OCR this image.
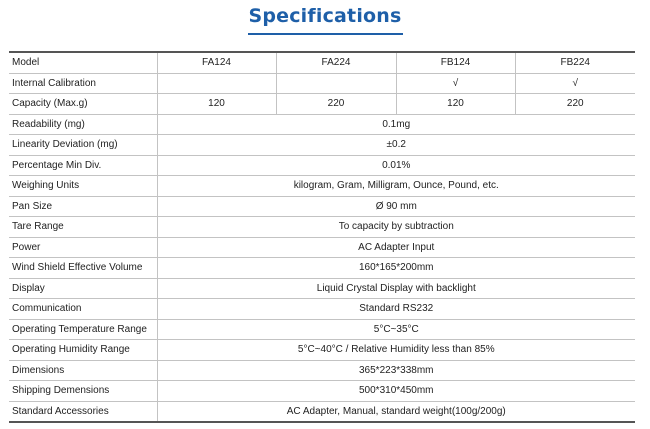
Specifications
Model	FA124	FA224	FB124	FB224
Internal Calibration			√	√
Capacity (Max.g)	120	220	120	220
Readability (mg)	0.1mg			
Linearity Deviation (mg)	±0.2			
Percentage Min Div.	0.01%			
Weighing Units	kilogram, Gram, Milligram, Ounce, Pound, etc.			
Pan Size	Ø 90 mm			
Tare Range	To capacity by subtraction			
Power	AC Adapter Input			
Wind Shield Effective Volume	160*165*200mm			
Display	Liquid Crystal Display with backlight			
Communication	Standard RS232			
Operating Temperature Range	5°C~35°C			
Operating Humidity Range	5°C~40°C / Relative Humidity less than 85%			
Dimensions	365*223*338mm			
Shipping Demensions	500*310*450mm			
Standard Accessories	AC Adapter, Manual, standard weight(100g/200g)			
